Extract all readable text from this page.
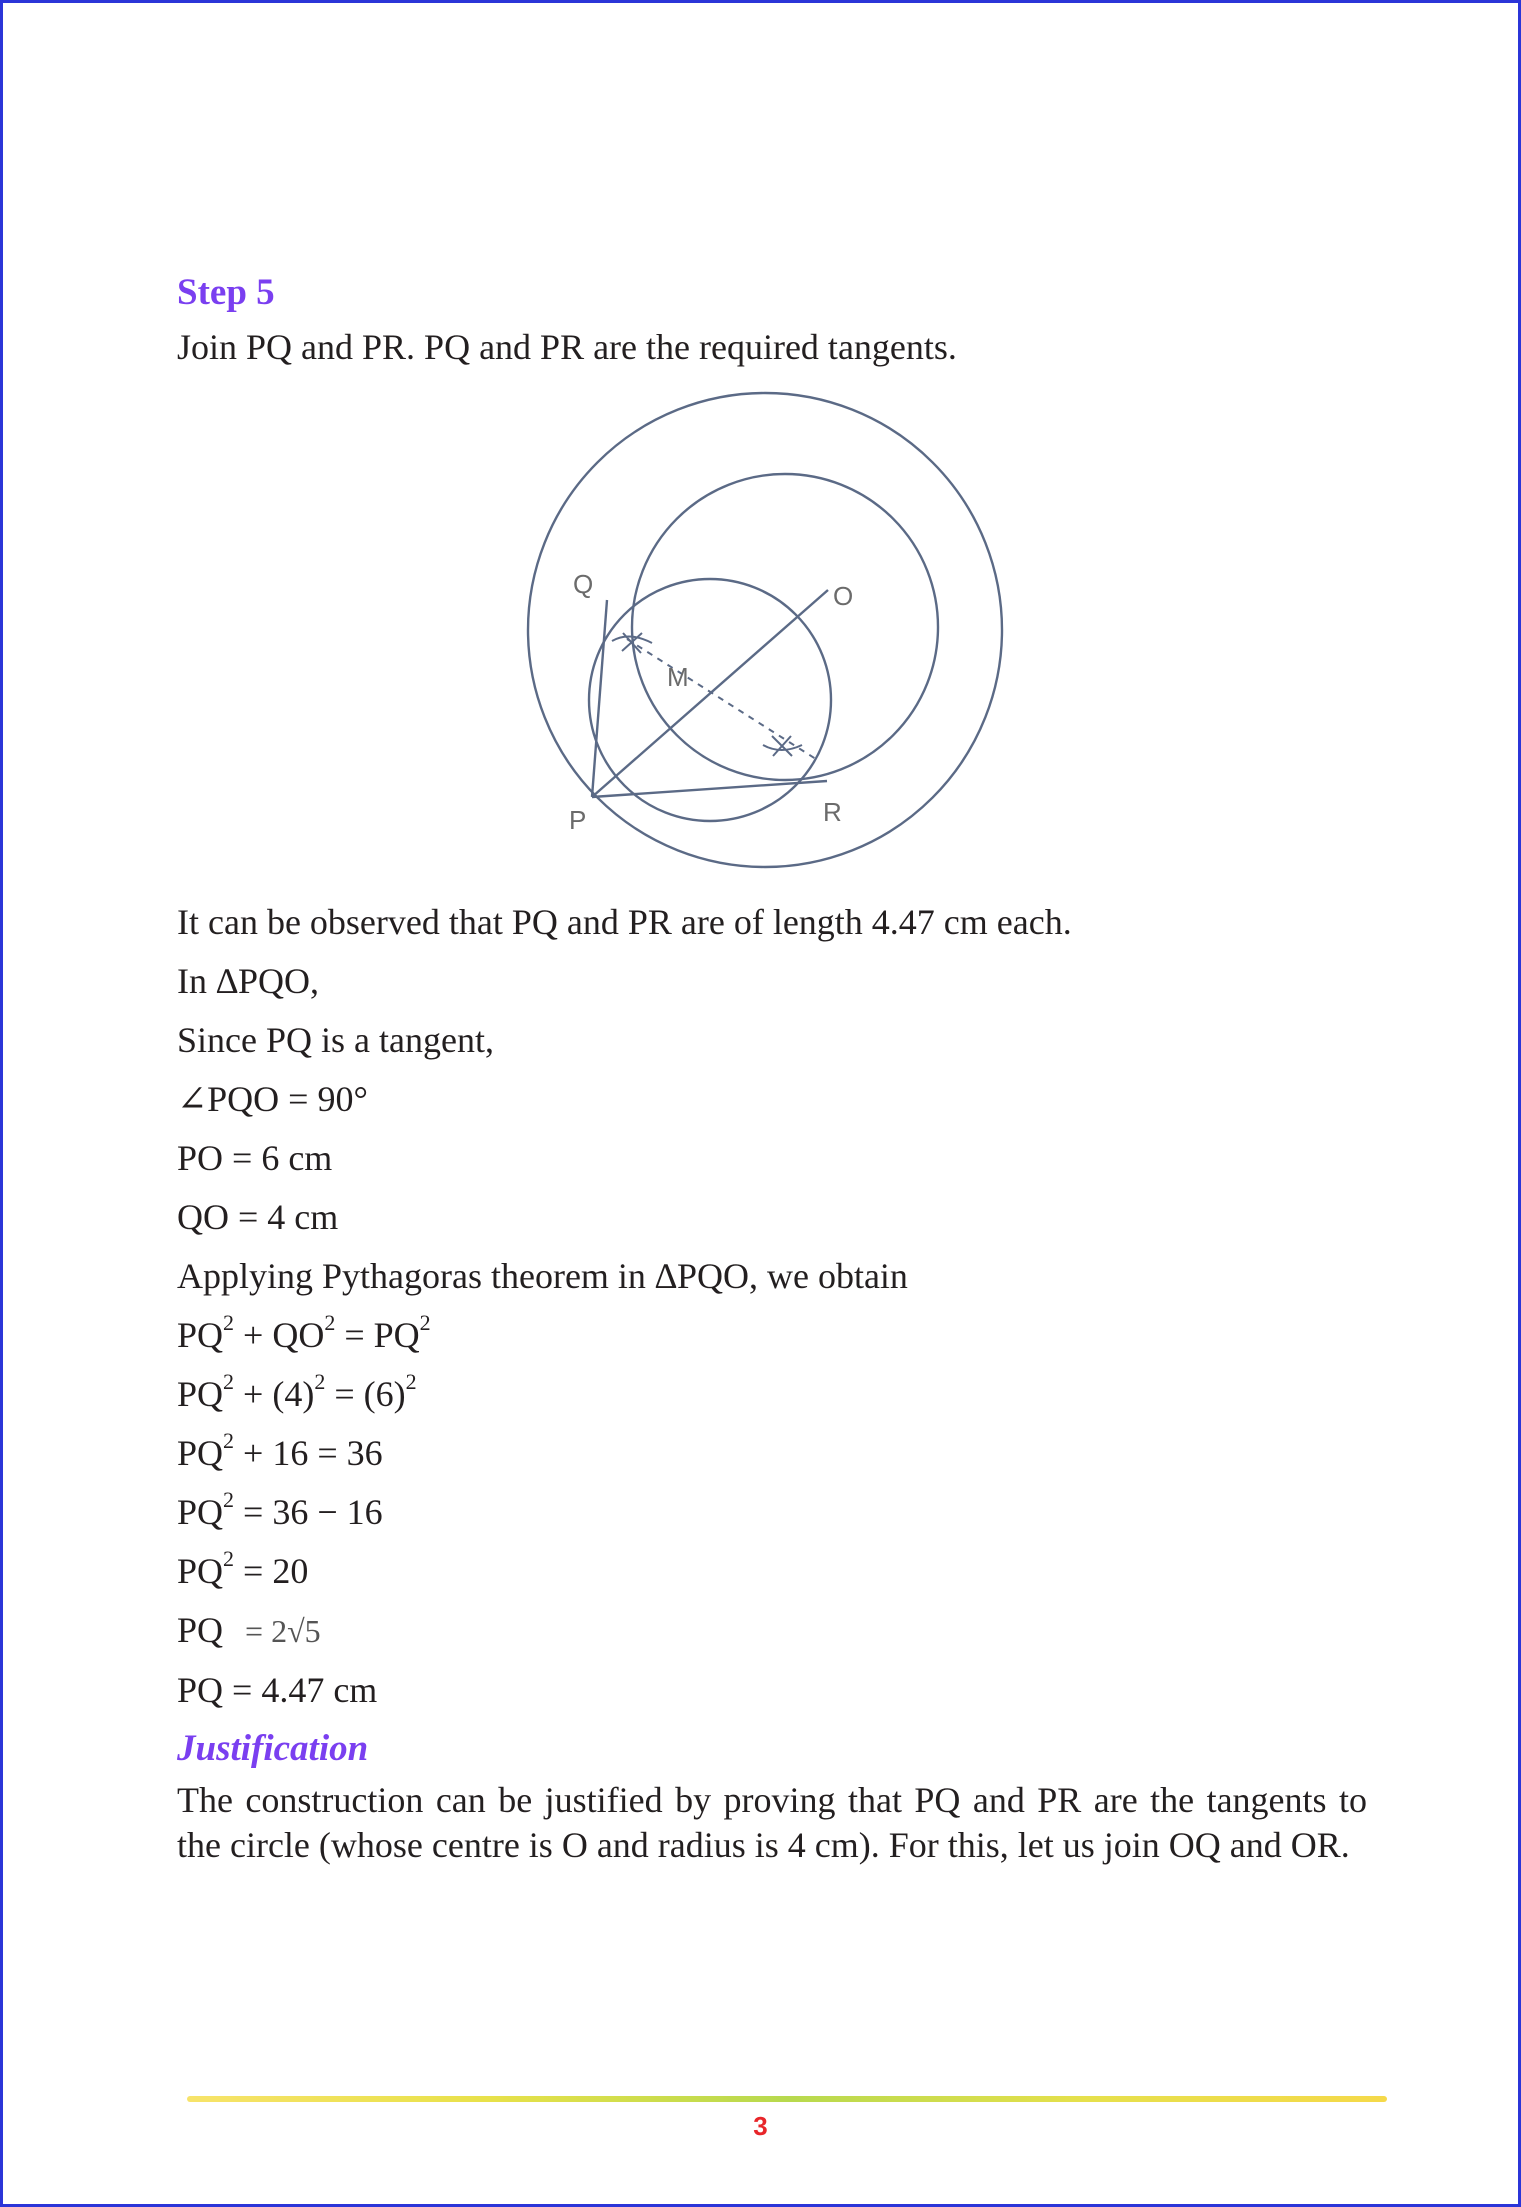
Step 5

Join PQ and PR. PQ and PR are the required tangents.

Q	O
M
P	R

It can be observed that PQ and PR are of length 4.47 cm each.

In ∆PQO,

Since PQ is a tangent,

∠PQO = 90°

PO = 6 cm

QO = 4 cm

Applying Pythagoras theorem in ∆PQO, we obtain

$PQ^2 + QO^2 = PQ^2$

$PQ^2 + (4)^2 = (6)^2$

$PQ^2 + 16 = 36$

$PQ^2 = 36 - 16$

$PQ^2 = 20$

PQ = 2√5

PQ = 4.47 cm

Justification

The construction can be justified by proving that PQ and PR are the tangents to the circle (whose centre is O and radius is 4 cm). For this, let us join OQ and OR.

3
